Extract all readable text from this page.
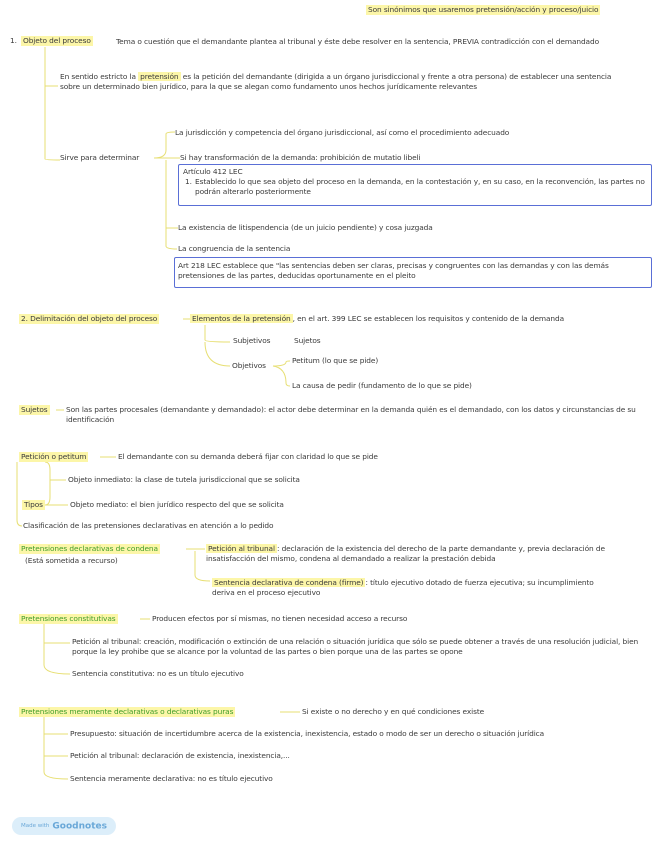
Son sinónimos que usaremos pretensión/acción y proceso/juicio
1. Objeto del proceso	Tema o cuestión que el demandante plantea al tribunal y éste debe resolver en la sentencia, PREVIA contradicción con el demandado
En sentido estricto la pretensión es la petición del demandante (dirigida a un órgano jurisdiccional y frente a otra persona) de establecer una sentencia sobre un determinado bien jurídico, para la que se alegan como fundamento unos hechos jurídicamente relevantes
Sirve para determinar
La jurisdicción y competencia del órgano jurisdiccional, así como el procedimiento adecuado
Si hay transformación de la demanda: prohibición de mutatio libeli
Artículo 412 LEC
1. Establecido lo que sea objeto del proceso en la demanda, en la contestación y, en su caso, en la reconvención, las partes no podrán alterarlo posteriormente
La existencia de litispendencia (de un juicio pendiente) y cosa juzgada
La congruencia de la sentencia
Art 218 LEC establece que "las sentencias deben ser claras, precisas y congruentes con las demandas y con las demás pretensiones de las partes, deducidas oportunamente en el pleito
2. Delimitación del objeto del proceso	Elementos de la pretensión , en el art. 399 LEC se establecen los requisitos y contenido de la demanda
Subjetivos	Sujetos
Objetivos
Petitum (lo que se pide)
La causa de pedir (fundamento de lo que se pide)
Sujetos Son las partes procesales (demandante y demandado): el actor debe determinar en la demanda quién es el demandado, con los datos y circunstancias de su identificación
Petición o petitum	El demandante con su demanda deberá fijar con claridad lo que se pide
Objeto inmediato: la clase de tutela jurisdiccional que se solicita
Tipos	Objeto mediato: el bien jurídico respecto del que se solicita
Clasificación de las pretensiones declarativas en atención a lo pedido
Pretensiones declarativas de condena
(Está sometida a recurso)
Petición al tribunal : declaración de la existencia del derecho de la parte demandante y, previa declaración de insatisfacción del mismo, condena al demandado a realizar la prestación debida
Sentencia declarativa de condena (firme) : título ejecutivo dotado de fuerza ejecutiva; su incumplimiento deriva en el proceso ejecutivo
Pretensiones constitutivas	Producen efectos por sí mismas, no tienen necesidad acceso a recurso
Petición al tribunal: creación, modificación o extinción de una relación o situación jurídica que sólo se puede obtener a través de una resolución judicial, bien porque la ley prohibe que se alcance por la voluntad de las partes o bien porque una de las partes se opone
Sentencia constitutiva: no es un título ejecutivo
Pretensiones meramente declarativas o declarativas puras	Si existe o no derecho y en qué condiciones existe
Presupuesto: situación de incertidumbre acerca de la existencia, inexistencia, estado o modo de ser un derecho o situación jurídica
Petición al tribunal: declaración de existencia, inexistencia,...
Sentencia meramente declarativa: no es título ejecutivo
Made with Goodnotes
